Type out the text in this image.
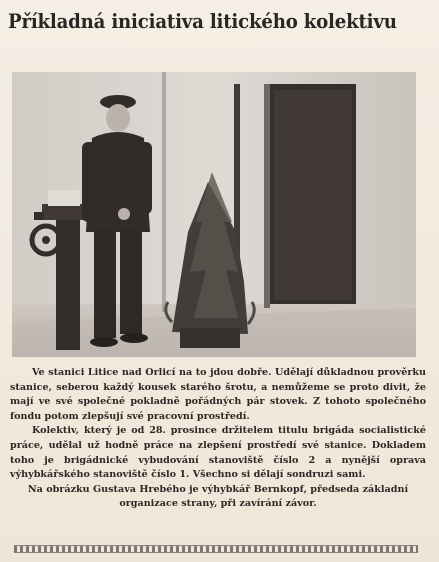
Příkladná iniciativa litického kolektivu

Ve stanici Litice nad Orlicí na to jdou dobře. Udělají důkladnou prověrku stanice, seberou každý kousek starého šrotu, a nemůžeme se proto divit, že mají ve své společné pokladně pořádných pár stovek. Z tohoto společného fondu potom zlepšují své pracovní prostředí.

Kolektiv, který je od 28. prosince držitelem titulu brigáda socialistické práce, udělal už hodně práce na zlepšení prostředí své stanice. Dokladem toho je brigádnické vybudování stanoviště číslo 2 a nynější oprava výhybkářského stanoviště číslo 1. Všechno si dělají sondruzi sami.

Na obrázku Gustava Hrebého je výhybkář Bernkopf, předseda základní organizace strany, při zavírání závor.
